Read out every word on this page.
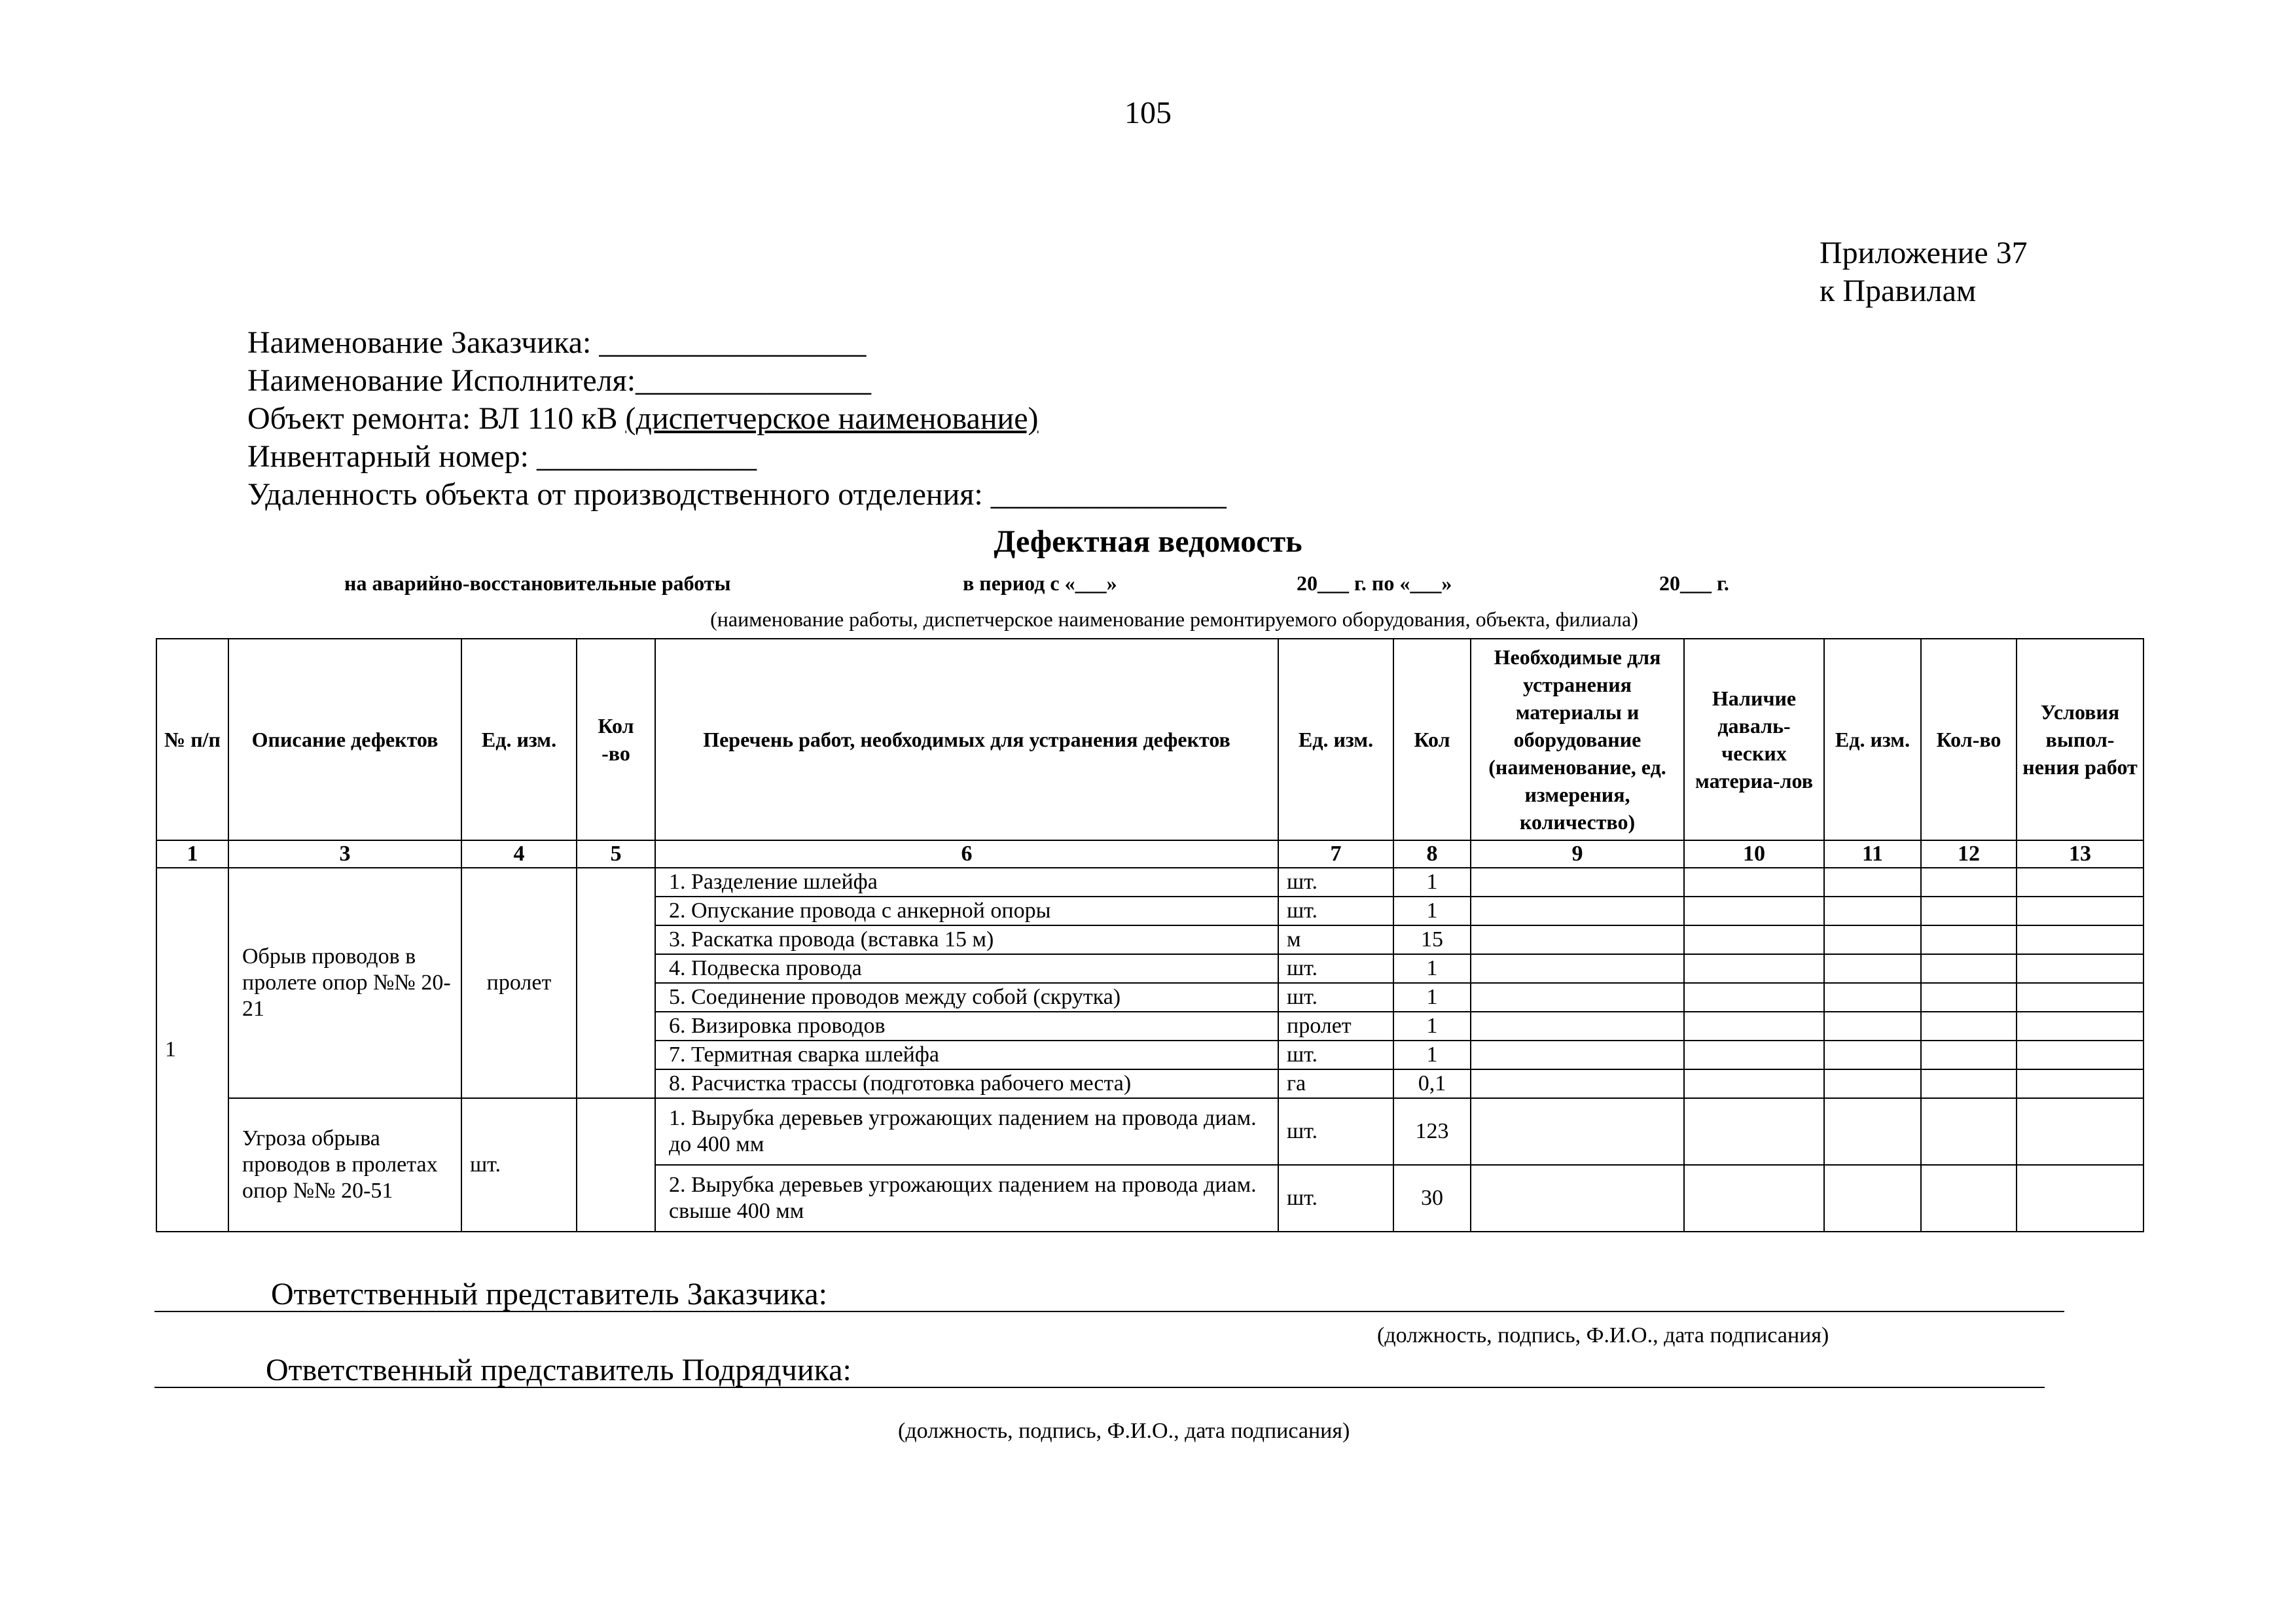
105
Приложение 37
к Правилам
Наименование Заказчика: _________________
Наименование Исполнителя:_______________
Объект ремонта: ВЛ 110 кВ (диспетчерское наименование)
Инвентарный номер: ______________
Удаленность объекта от производственного отделения: _______________
Дефектная ведомость
на аварийно-восстановительные работы	в период с «___»	20___ г. по «___»	20___ г.
(наименование работы, диспетчерское наименование ремонтируемого оборудования, объекта, филиала)
№ п/п	Описание дефектов	Ед. изм.	Кол -во	Перечень работ, необходимых для устранения дефектов	Ед. изм.	Кол	Необходимые для устранения материалы и оборудование (наименование, ед. измерения, количество)	Наличие даваль-ческих материа-лов	Ед. изм.	Кол-во	Условия выпол-нения работ
1	3	4	5	6	7	8	9	10	11	12	13
1	Обрыв проводов в пролете опор №№ 20-21	пролет		1. Разделение шлейфа	шт.	1					
				2. Опускание провода с анкерной опоры	шт.	1					
				3. Раскатка провода (вставка 15 м)	м	15					
				4. Подвеска провода	шт.	1					
				5. Соединение проводов между собой (скрутка)	шт.	1					
				6. Визировка проводов	пролет	1					
				7. Термитная сварка шлейфа	шт.	1					
				8. Расчистка трассы (подготовка рабочего места)	га	0,1					
	Угроза обрыва проводов в пролетах опор №№ 20-51	шт.		1. Вырубка деревьев угрожающих падением на провода диам. до 400 мм	шт.	123					
				2. Вырубка деревьев угрожающих падением на провода диам. свыше 400 мм	шт.	30					
Ответственный представитель Заказчика:
(должность, подпись, Ф.И.О., дата подписания)
Ответственный представитель Подрядчика:
(должность, подпись, Ф.И.О., дата подписания)
